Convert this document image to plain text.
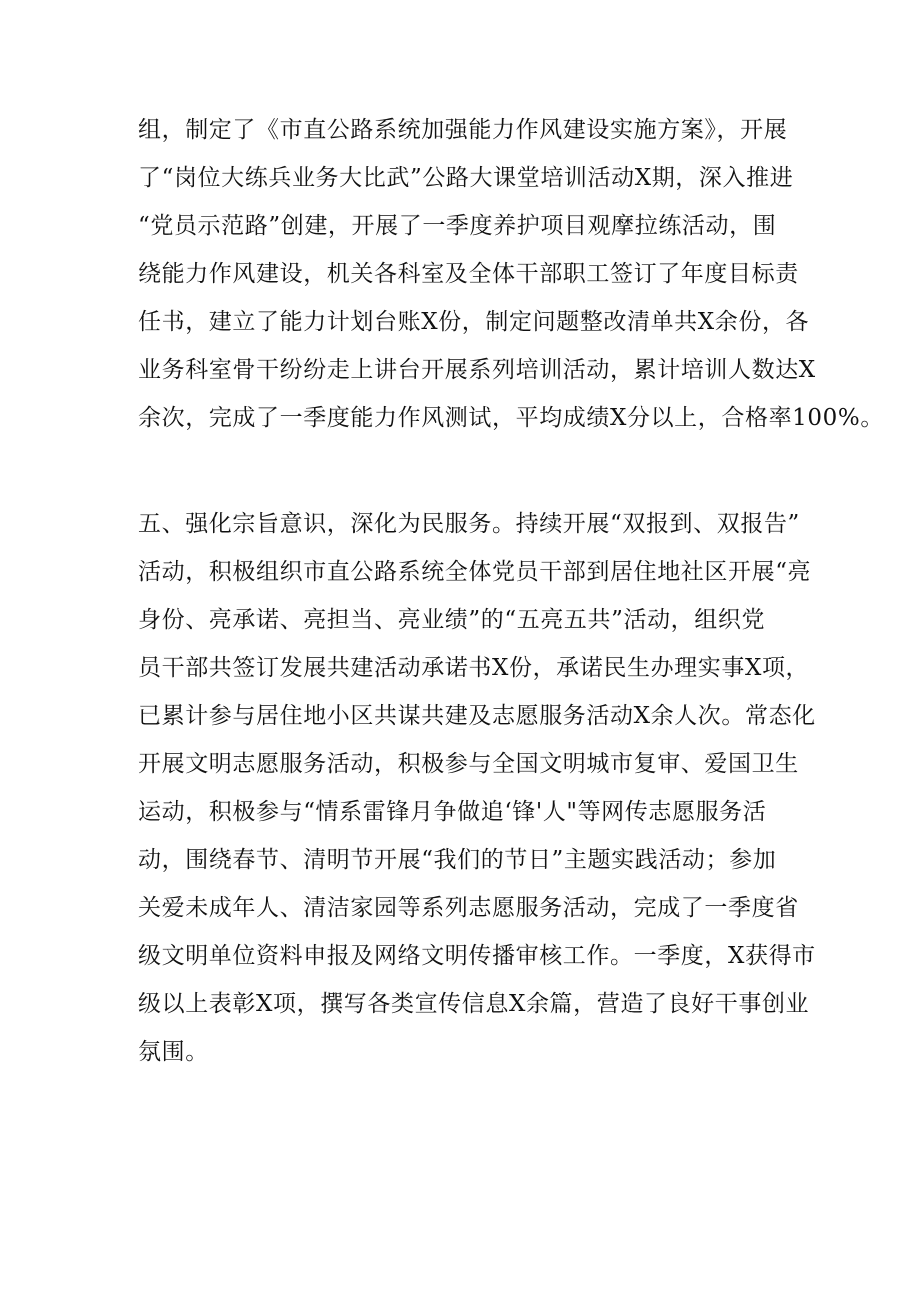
组，制定了《市直公路系统加强能力作风建设实施方案》，开展
了“岗位大练兵业务大比武”公路大课堂培训活动X期，深入推进
“党员示范路”创建，开展了一季度养护项目观摩拉练活动，围
绕能力作风建设，机关各科室及全体干部职工签订了年度目标责
任书，建立了能力计划台账X份，制定问题整改清单共X余份，各
业务科室骨干纷纷走上讲台开展系列培训活动，累计培训人数达X
余次，完成了一季度能力作风测试，平均成绩X分以上，合格率100%。
五、强化宗旨意识，深化为民服务。持续开展“双报到、双报告”
活动，积极组织市直公路系统全体党员干部到居住地社区开展“亮
身份、亮承诺、亮担当、亮业绩”的“五亮五共”活动，组织党
员干部共签订发展共建活动承诺书X份，承诺民生办理实事X项，
已累计参与居住地小区共谋共建及志愿服务活动X余人次。常态化
开展文明志愿服务活动，积极参与全国文明城市复审、爱国卫生
运动，积极参与“情系雷锋月争做追‘锋'人"等网传志愿服务活
动，围绕春节、清明节开展“我们的节日”主题实践活动；参加
关爱未成年人、清洁家园等系列志愿服务活动，完成了一季度省
级文明单位资料申报及网络文明传播审核工作。一季度，X获得市
级以上表彰X项，撰写各类宣传信息X余篇，营造了良好干事创业
氛围。
